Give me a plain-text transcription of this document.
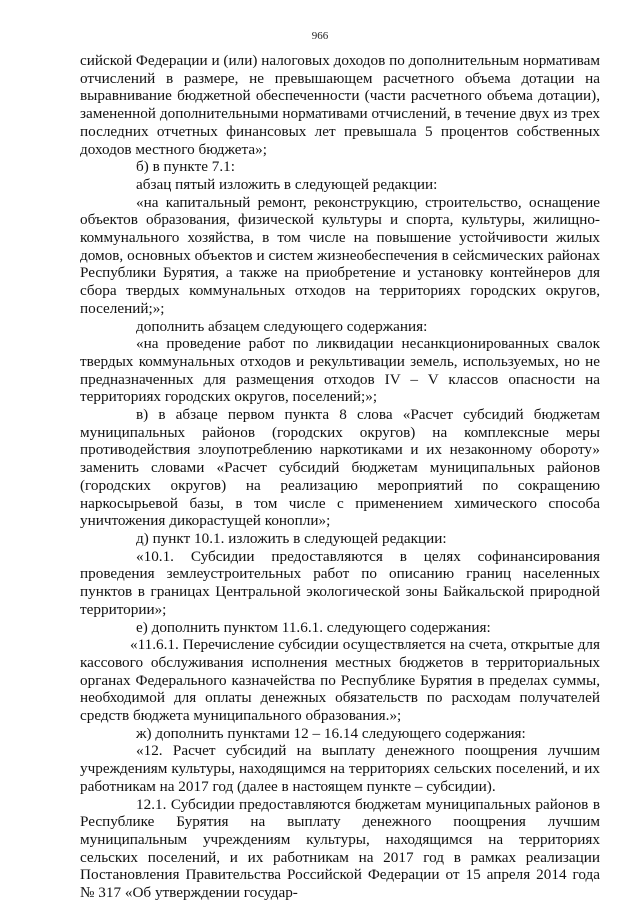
966

сийской Федерации и (или) налоговых доходов по дополнительным нормативам отчислений в размере, не превышающем расчетного объема дотации на выравнивание бюджетной обеспеченности (части расчетного объема дотации), замененной дополнительными нормативами отчислений, в течение двух из трех последних отчетных финансовых лет превышала 5 процентов собственных доходов местного бюджета»;

б) в пункте 7.1:

абзац пятый изложить в следующей редакции:

«на капитальный ремонт, реконструкцию, строительство, оснащение объектов образования, физической культуры и спорта, культуры, жилищно-коммунального хозяйства, в том числе на повышение устойчивости жилых домов, основных объектов и систем жизнеобеспечения в сейсмических районах Республики Бурятия, а также на приобретение и установку контейнеров для сбора твердых коммунальных отходов на территориях городских округов, поселений;»;

дополнить абзацем следующего содержания:

«на проведение работ по ликвидации несанкционированных свалок твердых коммунальных отходов и рекультивации земель, используемых, но не предназначенных для размещения отходов IV – V классов опасности на территориях городских округов, поселений;»;

в) в абзаце первом пункта 8 слова «Расчет субсидий бюджетам муниципальных районов (городских округов) на комплексные меры противодействия злоупотреблению наркотиками и их незаконному обороту» заменить словами «Расчет субсидий бюджетам муниципальных районов (городских округов) на реализацию мероприятий по сокращению наркосырьевой базы, в том числе с применением химического способа уничтожения дикорастущей конопли»;

д) пункт 10.1. изложить в следующей редакции:

«10.1. Субсидии предоставляются в целях софинансирования проведения землеустроительных работ по описанию границ населенных пунктов в границах Центральной экологической зоны Байкальской природной территории»;

е) дополнить пунктом 11.6.1. следующего содержания:

«11.6.1. Перечисление субсидии осуществляется на счета, открытые для кассового обслуживания исполнения местных бюджетов в территориальных органах Федерального казначейства по Республике Бурятия в пределах суммы, необходимой для оплаты денежных обязательств по расходам получателей средств бюджета муниципального образования.»;

ж) дополнить пунктами 12 – 16.14 следующего содержания:

«12. Расчет субсидий на выплату денежного поощрения лучшим учреждениям культуры, находящимся на территориях сельских поселений, и их работникам на 2017 год (далее в настоящем пункте – субсидии).

12.1. Субсидии предоставляются бюджетам муниципальных районов в Республике Бурятия на выплату денежного поощрения лучшим муниципальным учреждениям культуры, находящимся на территориях сельских поселений, и их работникам на 2017 год в рамках реализации Постановления Правительства Российской Федерации от 15 апреля 2014 года № 317 «Об утверждении государ-
